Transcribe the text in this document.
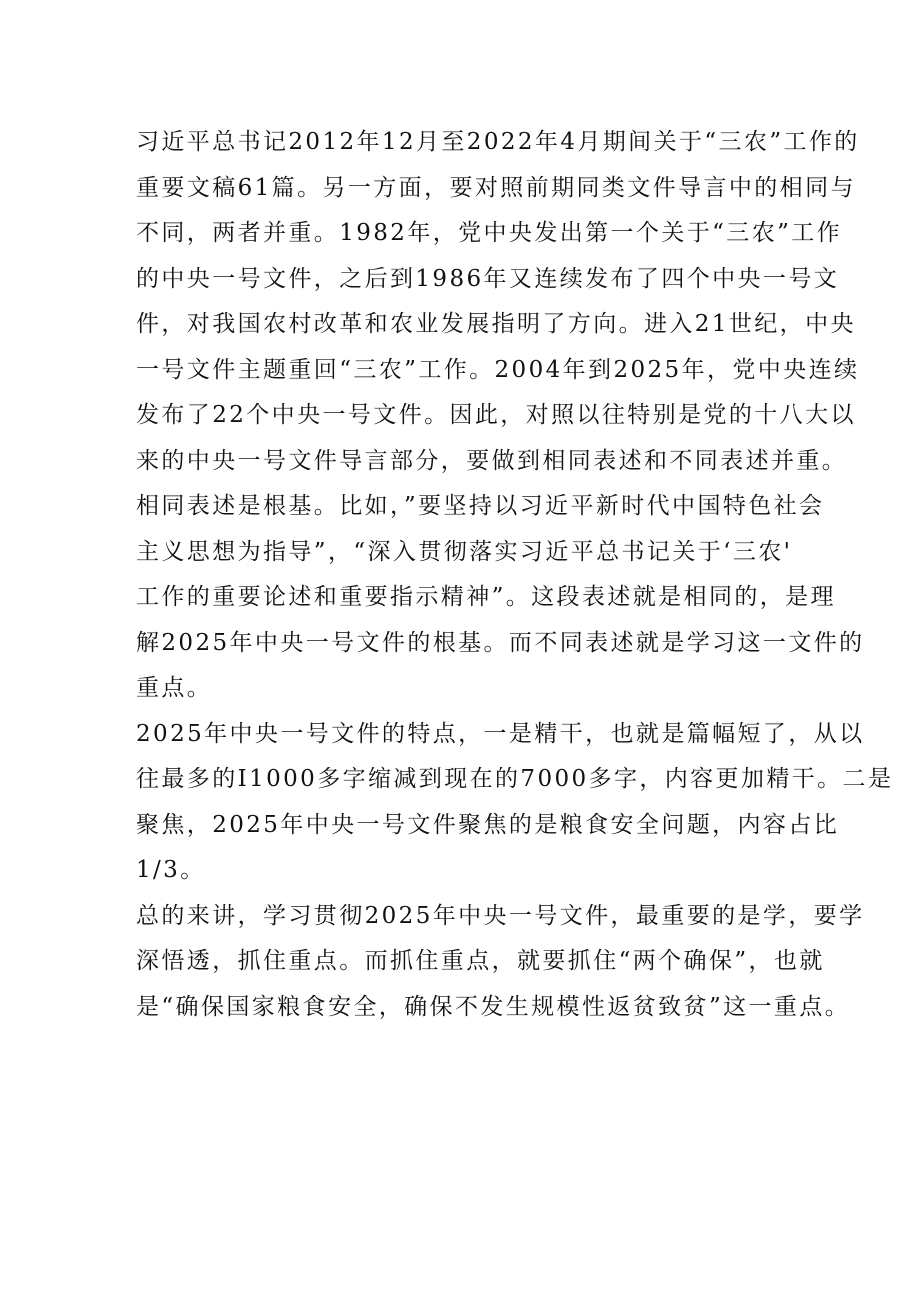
习近平总书记2012年12月至2022年4月期间关于“三农”工作的
重要文稿61篇。另一方面，要对照前期同类文件导言中的相同与
不同，两者并重。1982年，党中央发出第一个关于“三农”工作
的中央一号文件，之后到1986年又连续发布了四个中央一号文
件，对我国农村改革和农业发展指明了方向。进入21世纪，中央
一号文件主题重回“三农”工作。2004年到2025年，党中央连续
发布了22个中央一号文件。因此，对照以往特别是党的十八大以
来的中央一号文件导言部分，要做到相同表述和不同表述并重。
相同表述是根基。比如，”要坚持以习近平新时代中国特色社会
主义思想为指导”，“深入贯彻落实习近平总书记关于‘三农'
工作的重要论述和重要指示精神”。这段表述就是相同的，是理
解2025年中央一号文件的根基。而不同表述就是学习这一文件的
重点。
2025年中央一号文件的特点，一是精干，也就是篇幅短了，从以
往最多的I1000多字缩减到现在的7000多字，内容更加精干。二是
聚焦，2025年中央一号文件聚焦的是粮食安全问题，内容占比
1/3。
总的来讲，学习贯彻2025年中央一号文件，最重要的是学，要学
深悟透，抓住重点。而抓住重点，就要抓住“两个确保”，也就
是“确保国家粮食安全，确保不发生规模性返贫致贫”这一重点。
